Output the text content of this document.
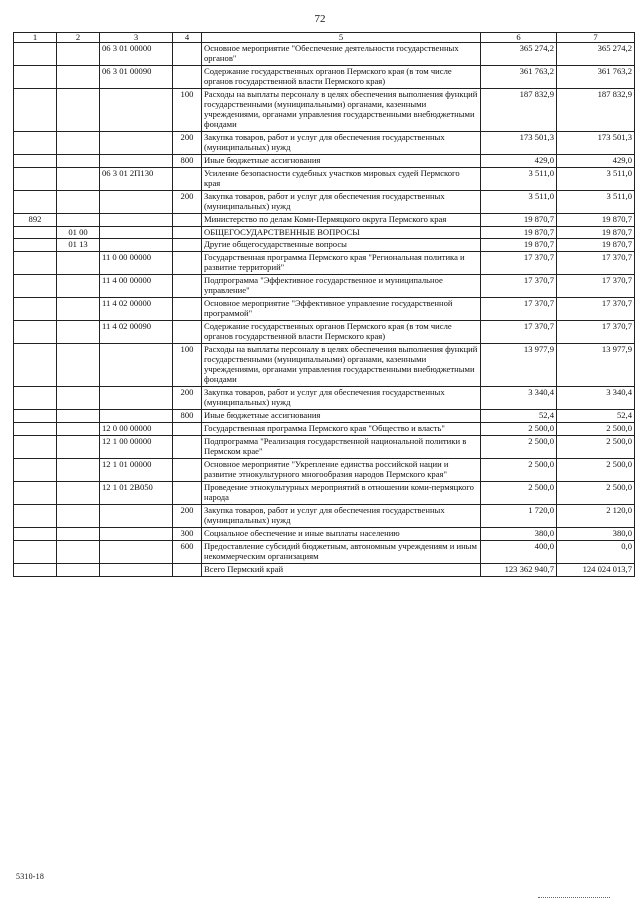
72
1	2	3	4	5	6	7
		06 3 01 00000		Основное мероприятие "Обеспечение деятельности государственных органов"	365 274,2	365 274,2
		06 3 01 00090		Содержание государственных органов Пермского края (в том числе органов государственной власти Пермского края)	361 763,2	361 763,2
			100	Расходы на выплаты персоналу в целях обеспечения выполнения функций государственными (муниципальными) органами, казенными учреждениями, органами управления государственными внебюджетными фондами	187 832,9	187 832,9
			200	Закупка товаров, работ и услуг для обеспечения государственных (муниципальных) нужд	173 501,3	173 501,3
			800	Иные бюджетные ассигнования	429,0	429,0
		06 3 01 2П130		Усиление безопасности судебных участков мировых судей Пермского края	3 511,0	3 511,0
			200	Закупка товаров, работ и услуг для обеспечения государственных (муниципальных) нужд	3 511,0	3 511,0
892				Министерство по делам Коми-Пермяцкого округа Пермского края	19 870,7	19 870,7
	01 00			ОБЩЕГОСУДАРСТВЕННЫЕ ВОПРОСЫ	19 870,7	19 870,7
	01 13			Другие общегосударственные вопросы	19 870,7	19 870,7
		11 0 00 00000		Государственная программа Пермского края "Региональная политика и развитие территорий"	17 370,7	17 370,7
		11 4 00 00000		Подпрограмма "Эффективное государственное и муниципальное управление"	17 370,7	17 370,7
		11 4 02 00000		Основное мероприятие "Эффективное управление государственной программой"	17 370,7	17 370,7
		11 4 02 00090		Содержание государственных органов Пермского края (в том числе органов государственной власти Пермского края)	17 370,7	17 370,7
			100	Расходы на выплаты персоналу в целях обеспечения выполнения функций государственными (муниципальными) органами, казенными учреждениями, органами управления государственными внебюджетными фондами	13 977,9	13 977,9
			200	Закупка товаров, работ и услуг для обеспечения государственных (муниципальных) нужд	3 340,4	3 340,4
			800	Иные бюджетные ассигнования	52,4	52,4
		12 0 00 00000		Государственная программа Пермского края "Общество и власть"	2 500,0	2 500,0
		12 1 00 00000		Подпрограмма "Реализация государственной национальной политики в Пермском крае"	2 500,0	2 500,0
		12 1 01 00000		Основное мероприятие "Укрепление единства российской нации и развитие этнокультурного многообразия народов Пермского края"	2 500,0	2 500,0
		12 1 01 2В050		Проведение этнокультурных мероприятий в отношении коми-пермяцкого народа	2 500,0	2 500,0
			200	Закупка товаров, работ и услуг для обеспечения государственных (муниципальных) нужд	1 720,0	2 120,0
			300	Социальное обеспечение и иные выплаты населению	380,0	380,0
			600	Предоставление субсидий бюджетным, автономным учреждениям и иным некоммерческим организациям	400,0	0,0
				Всего Пермский край	123 362 940,7	124 024 013,7
5310-18
